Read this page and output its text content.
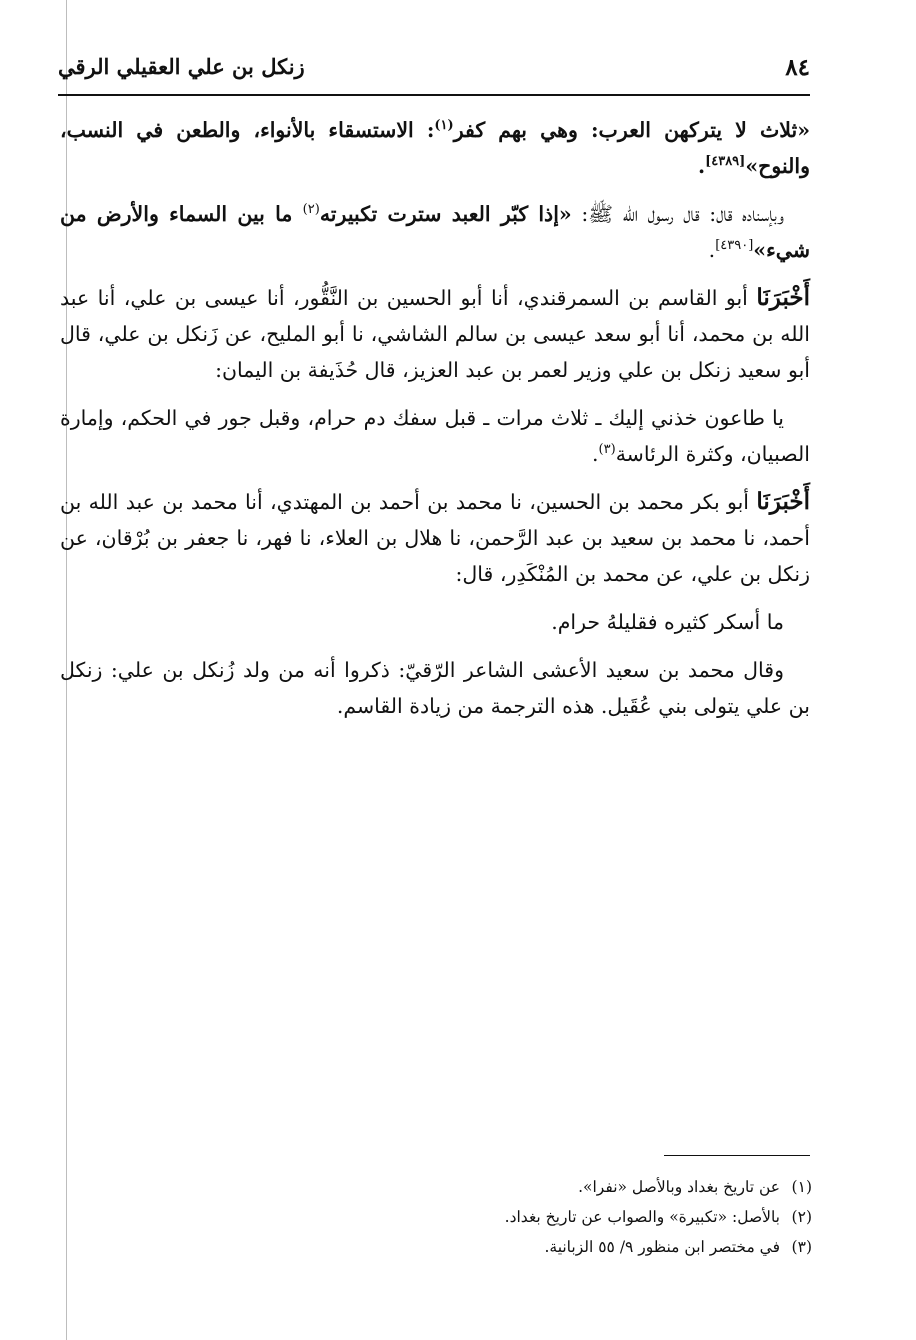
٨٤
زنكل بن علي العقيلي الرقي

«ثلاث لا يتركهن العرب: وهي بهم كفر$^{(١)}$: الاستسقاء بالأنواء، والطعن في النسب، والنوح»[٤٣٨٩].

وبإسناده قال: قال رسول الله ﷺ: «إذا كبّر العبد سترت تكبيرته$^{(٢)}$ ما بين السماء والأرض من شيء»[٤٣٩٠].

أَخْبَرَنَا أبو القاسم بن السمرقندي، أنا أبو الحسين بن النَّقُّور، أنا عيسى بن علي، أنا عبد الله بن محمد، أنا أبو سعد عيسى بن سالم الشاشي، نا أبو المليح، عن زَنكل بن علي، قال أبو سعيد زنكل بن علي وزير لعمر بن عبد العزيز، قال حُذَيفة بن اليمان:

يا طاعون خذني إليك ـ ثلاث مرات ـ قبل سفك دم حرام، وقبل جور في الحكم، وإمارة الصبيان، وكثرة الرئاسة$^{(٣)}$.

أَخْبَرَنَا أبو بكر محمد بن الحسين، نا محمد بن أحمد بن المهتدي، أنا محمد بن عبد الله بن أحمد، نا محمد بن سعيد بن عبد الرَّحمن، نا هلال بن العلاء، نا فهر، نا جعفر بن بُرْقان، عن زنكل بن علي، عن محمد بن المُنْكَدِر، قال:

ما أسكر كثيره فقليلهُ حرام.

وقال محمد بن سعيد الأعشى الشاعر الرّقيّ: ذكروا أنه من ولد زُنكل بن علي: زنكل بن علي يتولى بني عُقَيل. هذه الترجمة من زيادة القاسم.

(١)عن تاريخ بغداد وبالأصل «نفرا».
(٢)بالأصل: «تكبيرة» والصواب عن تاريخ بغداد.
(٣)في مختصر ابن منظور ٩/ ٥٥ الزبانية.
